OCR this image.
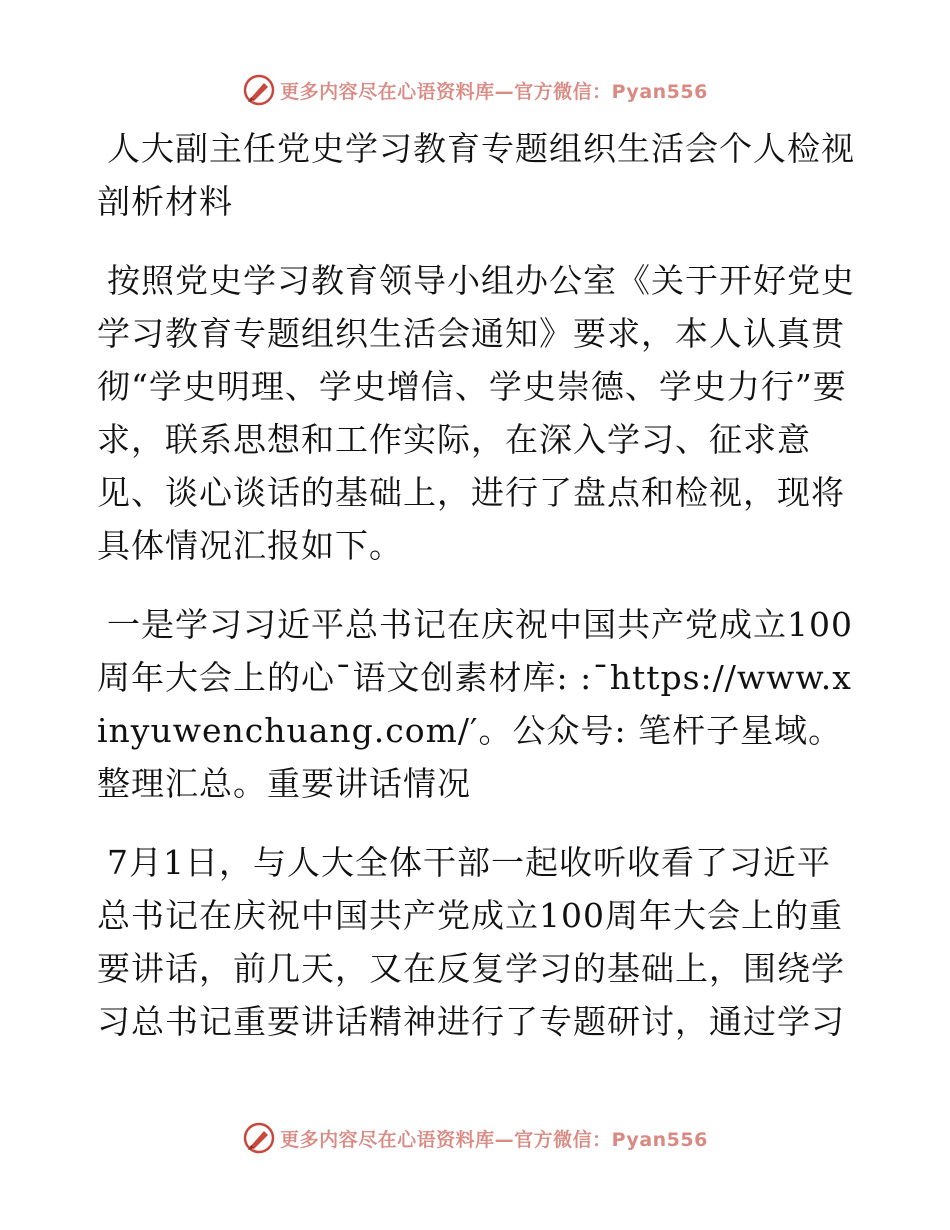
更多内容尽在心语资料库—官方微信：Pyan556

人大副主任党史学习教育专题组织生活会个人检视剖析材料

按照党史学习教育领导小组办公室《关于开好党史学习教育专题组织生活会通知》要求，本人认真贯彻“学史明理、学史增信、学史崇德、学史力行”要求，联系思想和工作实际，在深入学习、征求意见、谈心谈话的基础上，进行了盘点和检视，现将具体情况汇报如下。

一是学习习近平总书记在庆祝中国共产党成立100周年大会上的心¯语文创素材库: :¯https://www.xinyuwenchuang.com/′。公众号: 笔杆子星域。整理汇总。重要讲话情况

7月1日，与人大全体干部一起收听收看了习近平总书记在庆祝中国共产党成立100周年大会上的重要讲话，前几天，又在反复学习的基础上，围绕学习总书记重要讲话精神进行了专题研讨，通过学习

更多内容尽在心语资料库—官方微信：Pyan556
